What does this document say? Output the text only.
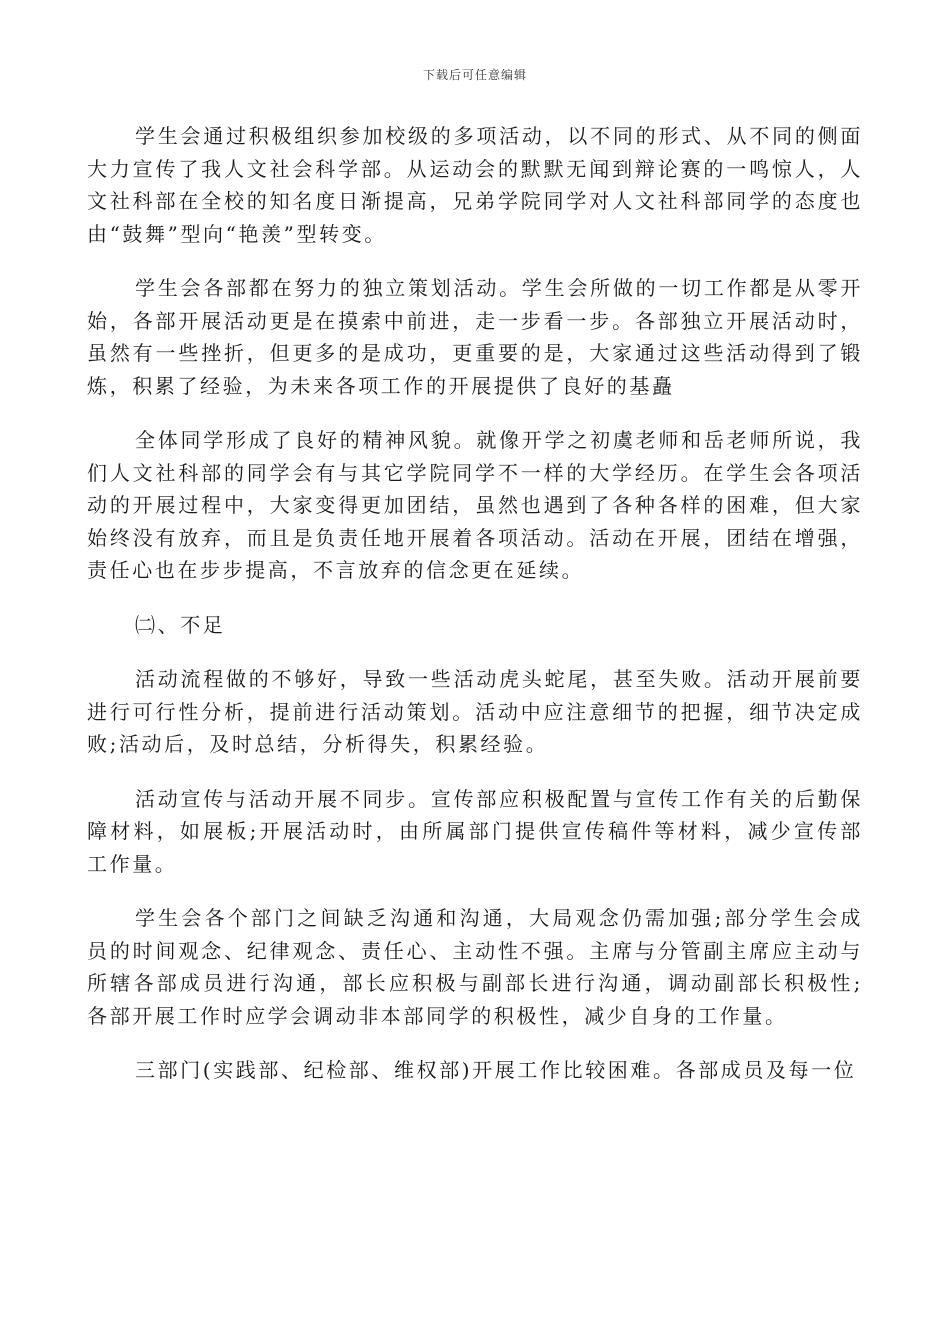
下载后可任意编辑

学生会通过积极组织参加校级的多项活动，以不同的形式、从不同的侧面大力宣传了我人文社会科学部。从运动会的默默无闻到辩论赛的一鸣惊人，人文社科部在全校的知名度日渐提高，兄弟学院同学对人文社科部同学的态度也由“鼓舞”型向“艳羡”型转变。

学生会各部都在努力的独立策划活动。学生会所做的一切工作都是从零开始，各部开展活动更是在摸索中前进，走一步看一步。各部独立开展活动时，虽然有一些挫折，但更多的是成功，更重要的是，大家通过这些活动得到了锻炼，积累了经验，为未来各项工作的开展提供了良好的基矗

全体同学形成了良好的精神风貌。就像开学之初虞老师和岳老师所说，我们人文社科部的同学会有与其它学院同学不一样的大学经历。在学生会各项活动的开展过程中，大家变得更加团结，虽然也遇到了各种各样的困难，但大家始终没有放弃，而且是负责任地开展着各项活动。活动在开展，团结在增强，责任心也在步步提高，不言放弃的信念更在延续。

㈡、不足

活动流程做的不够好，导致一些活动虎头蛇尾，甚至失败。活动开展前要进行可行性分析，提前进行活动策划。活动中应注意细节的把握，细节决定成败;活动后，及时总结，分析得失，积累经验。

活动宣传与活动开展不同步。宣传部应积极配置与宣传工作有关的后勤保障材料，如展板;开展活动时，由所属部门提供宣传稿件等材料，减少宣传部工作量。

学生会各个部门之间缺乏沟通和沟通，大局观念仍需加强;部分学生会成员的时间观念、纪律观念、责任心、主动性不强。主席与分管副主席应主动与所辖各部成员进行沟通，部长应积极与副部长进行沟通，调动副部长积极性;各部开展工作时应学会调动非本部同学的积极性，减少自身的工作量。

三部门(实践部、纪检部、维权部)开展工作比较困难。各部成员及每一位
